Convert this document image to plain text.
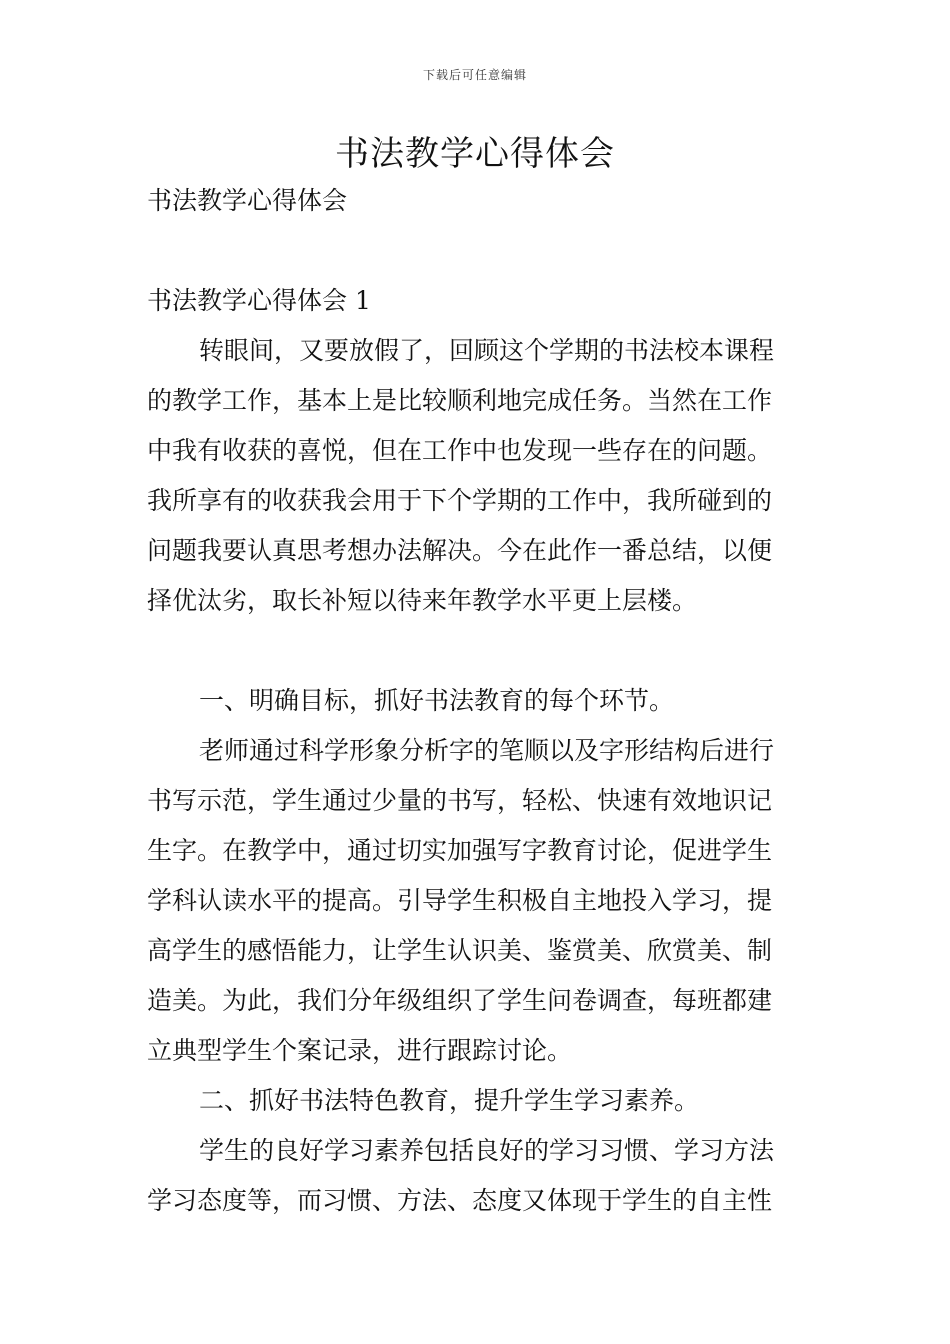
下载后可任意编辑
书法教学心得体会
书法教学心得体会
书法教学心得体会 1
转眼间，又要放假了，回顾这个学期的书法校本课程
的教学工作，基本上是比较顺利地完成任务。当然在工作
中我有收获的喜悦，但在工作中也发现一些存在的问题。
我所享有的收获我会用于下个学期的工作中，我所碰到的
问题我要认真思考想办法解决。今在此作一番总结，以便
择优汰劣，取长补短以待来年教学水平更上层楼。
一、明确目标，抓好书法教育的每个环节。
老师通过科学形象分析字的笔顺以及字形结构后进行
书写示范，学生通过少量的书写，轻松、快速有效地识记
生字。在教学中，通过切实加强写字教育讨论，促进学生
学科认读水平的提高。引导学生积极自主地投入学习，提
高学生的感悟能力，让学生认识美、鉴赏美、欣赏美、制
造美。为此，我们分年级组织了学生问卷调查，每班都建
立典型学生个案记录，进行跟踪讨论。
二、抓好书法特色教育，提升学生学习素养。
学生的良好学习素养包括良好的学习习惯、学习方法
学习态度等，而习惯、方法、态度又体现于学生的自主性
